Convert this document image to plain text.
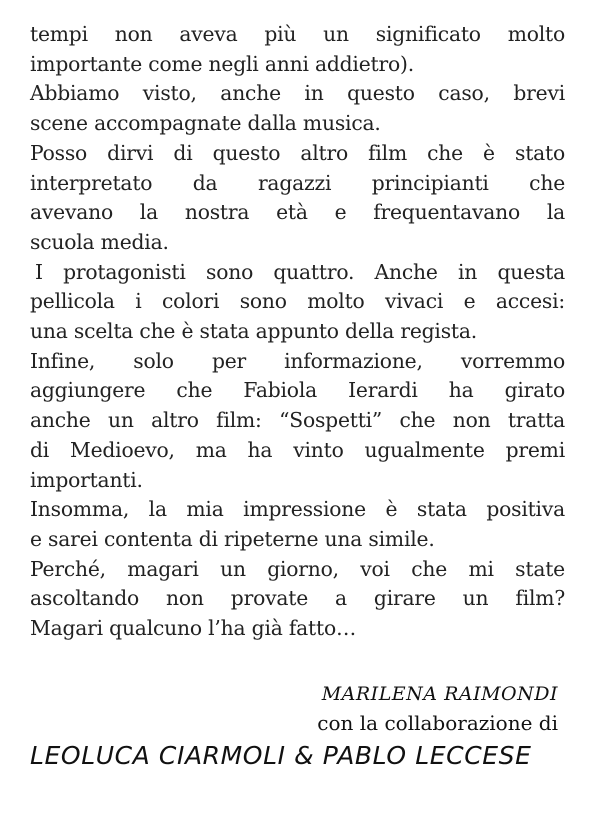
tempi non aveva più un significato molto
importante come negli anni addietro).
Abbiamo visto, anche in questo caso, brevi
scene accompagnate dalla musica.
Posso dirvi di questo altro film che è stato
interpretato da ragazzi principianti che
avevano la nostra età e frequentavano la
scuola media.
I protagonisti sono quattro. Anche in questa
pellicola i colori sono molto vivaci e accesi:
una scelta che è stata appunto della regista.
Infine, solo per informazione, vorremmo
aggiungere che Fabiola Ierardi ha girato
anche un altro film: “Sospetti” che non tratta
di Medioevo, ma ha vinto ugualmente premi
importanti.
Insomma, la mia impressione è stata positiva
e sarei contenta di ripeterne una simile.
Perché, magari un giorno, voi che mi state
ascoltando non provate a girare un film?
Magari qualcuno l’ha già fatto…
MARILENA RAIMONDI
con la collaborazione di
LEOLUCA CIARMOLI & PABLO LECCESE
